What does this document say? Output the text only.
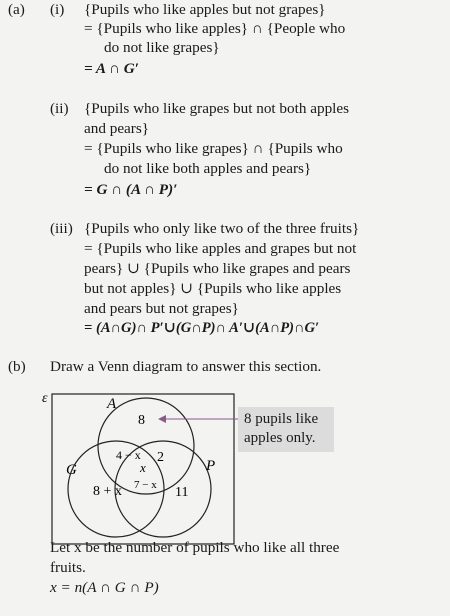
(a) (i) {Pupils who like apples but not grapes}
= {Pupils who like apples} ∩ {People who
do not like grapes}
= A ∩ G′
(ii) {Pupils who like grapes but not both apples
and pears}
= {Pupils who like grapes} ∩ {Pupils who
do not like both apples and pears}
= G ∩ (A ∩ P)′
(iii) {Pupils who only like two of the three fruits}
= {Pupils who like apples and grapes but not
pears} ∪ {Pupils who like grapes and pears
but not apples} ∪ {Pupils who like apples
and pears but not grapes}
= (A∩G)∩ P′∪(G∩P)∩ A′∪(A∩P)∩G′
(b) Draw a Venn diagram to answer this section.
ε	A
G	P
8
4 − x 2
x
8 + x 7 − x 11
8 pupils like
apples only.
Let x be the number of pupils who like all three
fruits.
x = n(A ∩ G ∩ P)
